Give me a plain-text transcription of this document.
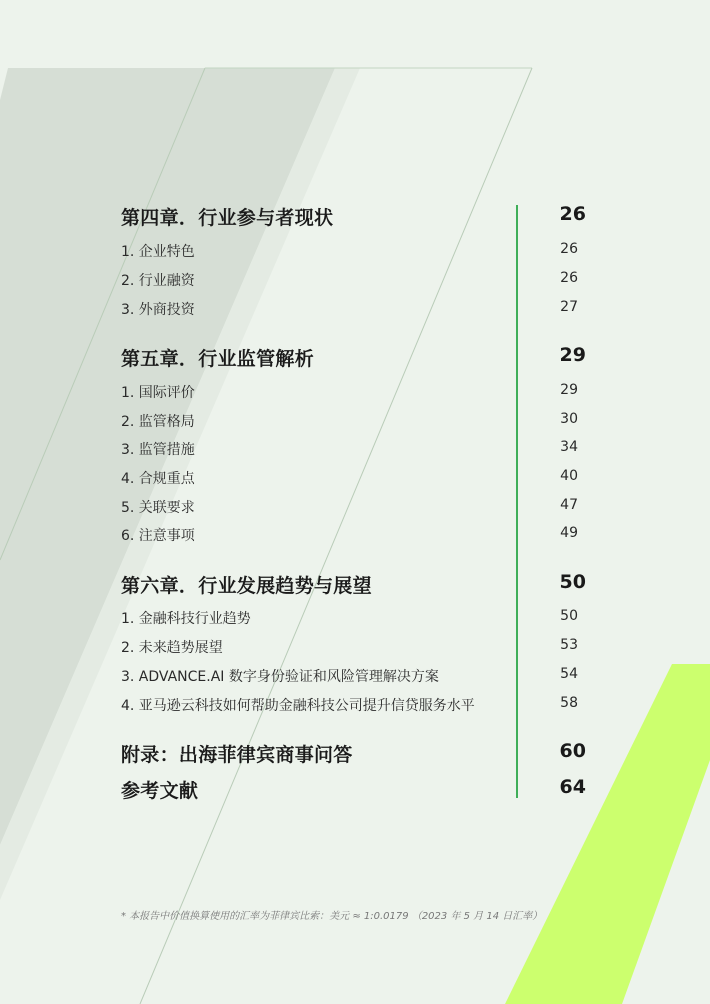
第四章．行业参与者现状	26
1. 企业特色	26
2. 行业融资	26
3. 外商投资	27
第五章．行业监管解析	29
1. 国际评价	29
2. 监管格局	30
3. 监管措施	34
4. 合规重点	40
5. 关联要求	47
6. 注意事项	49
第六章．行业发展趋势与展望	50
1. 金融科技行业趋势	50
2. 未来趋势展望	53
3. ADVANCE.AI 数字身份验证和风险管理解决方案	54
4. 亚马逊云科技如何帮助金融科技公司提升信贷服务水平	58
附录：出海菲律宾商事问答	60
参考文献	64
* 本报告中价值换算使用的汇率为菲律宾比索：美元 ≈ 1:0.0179 （2023 年 5 月 14 日汇率）
